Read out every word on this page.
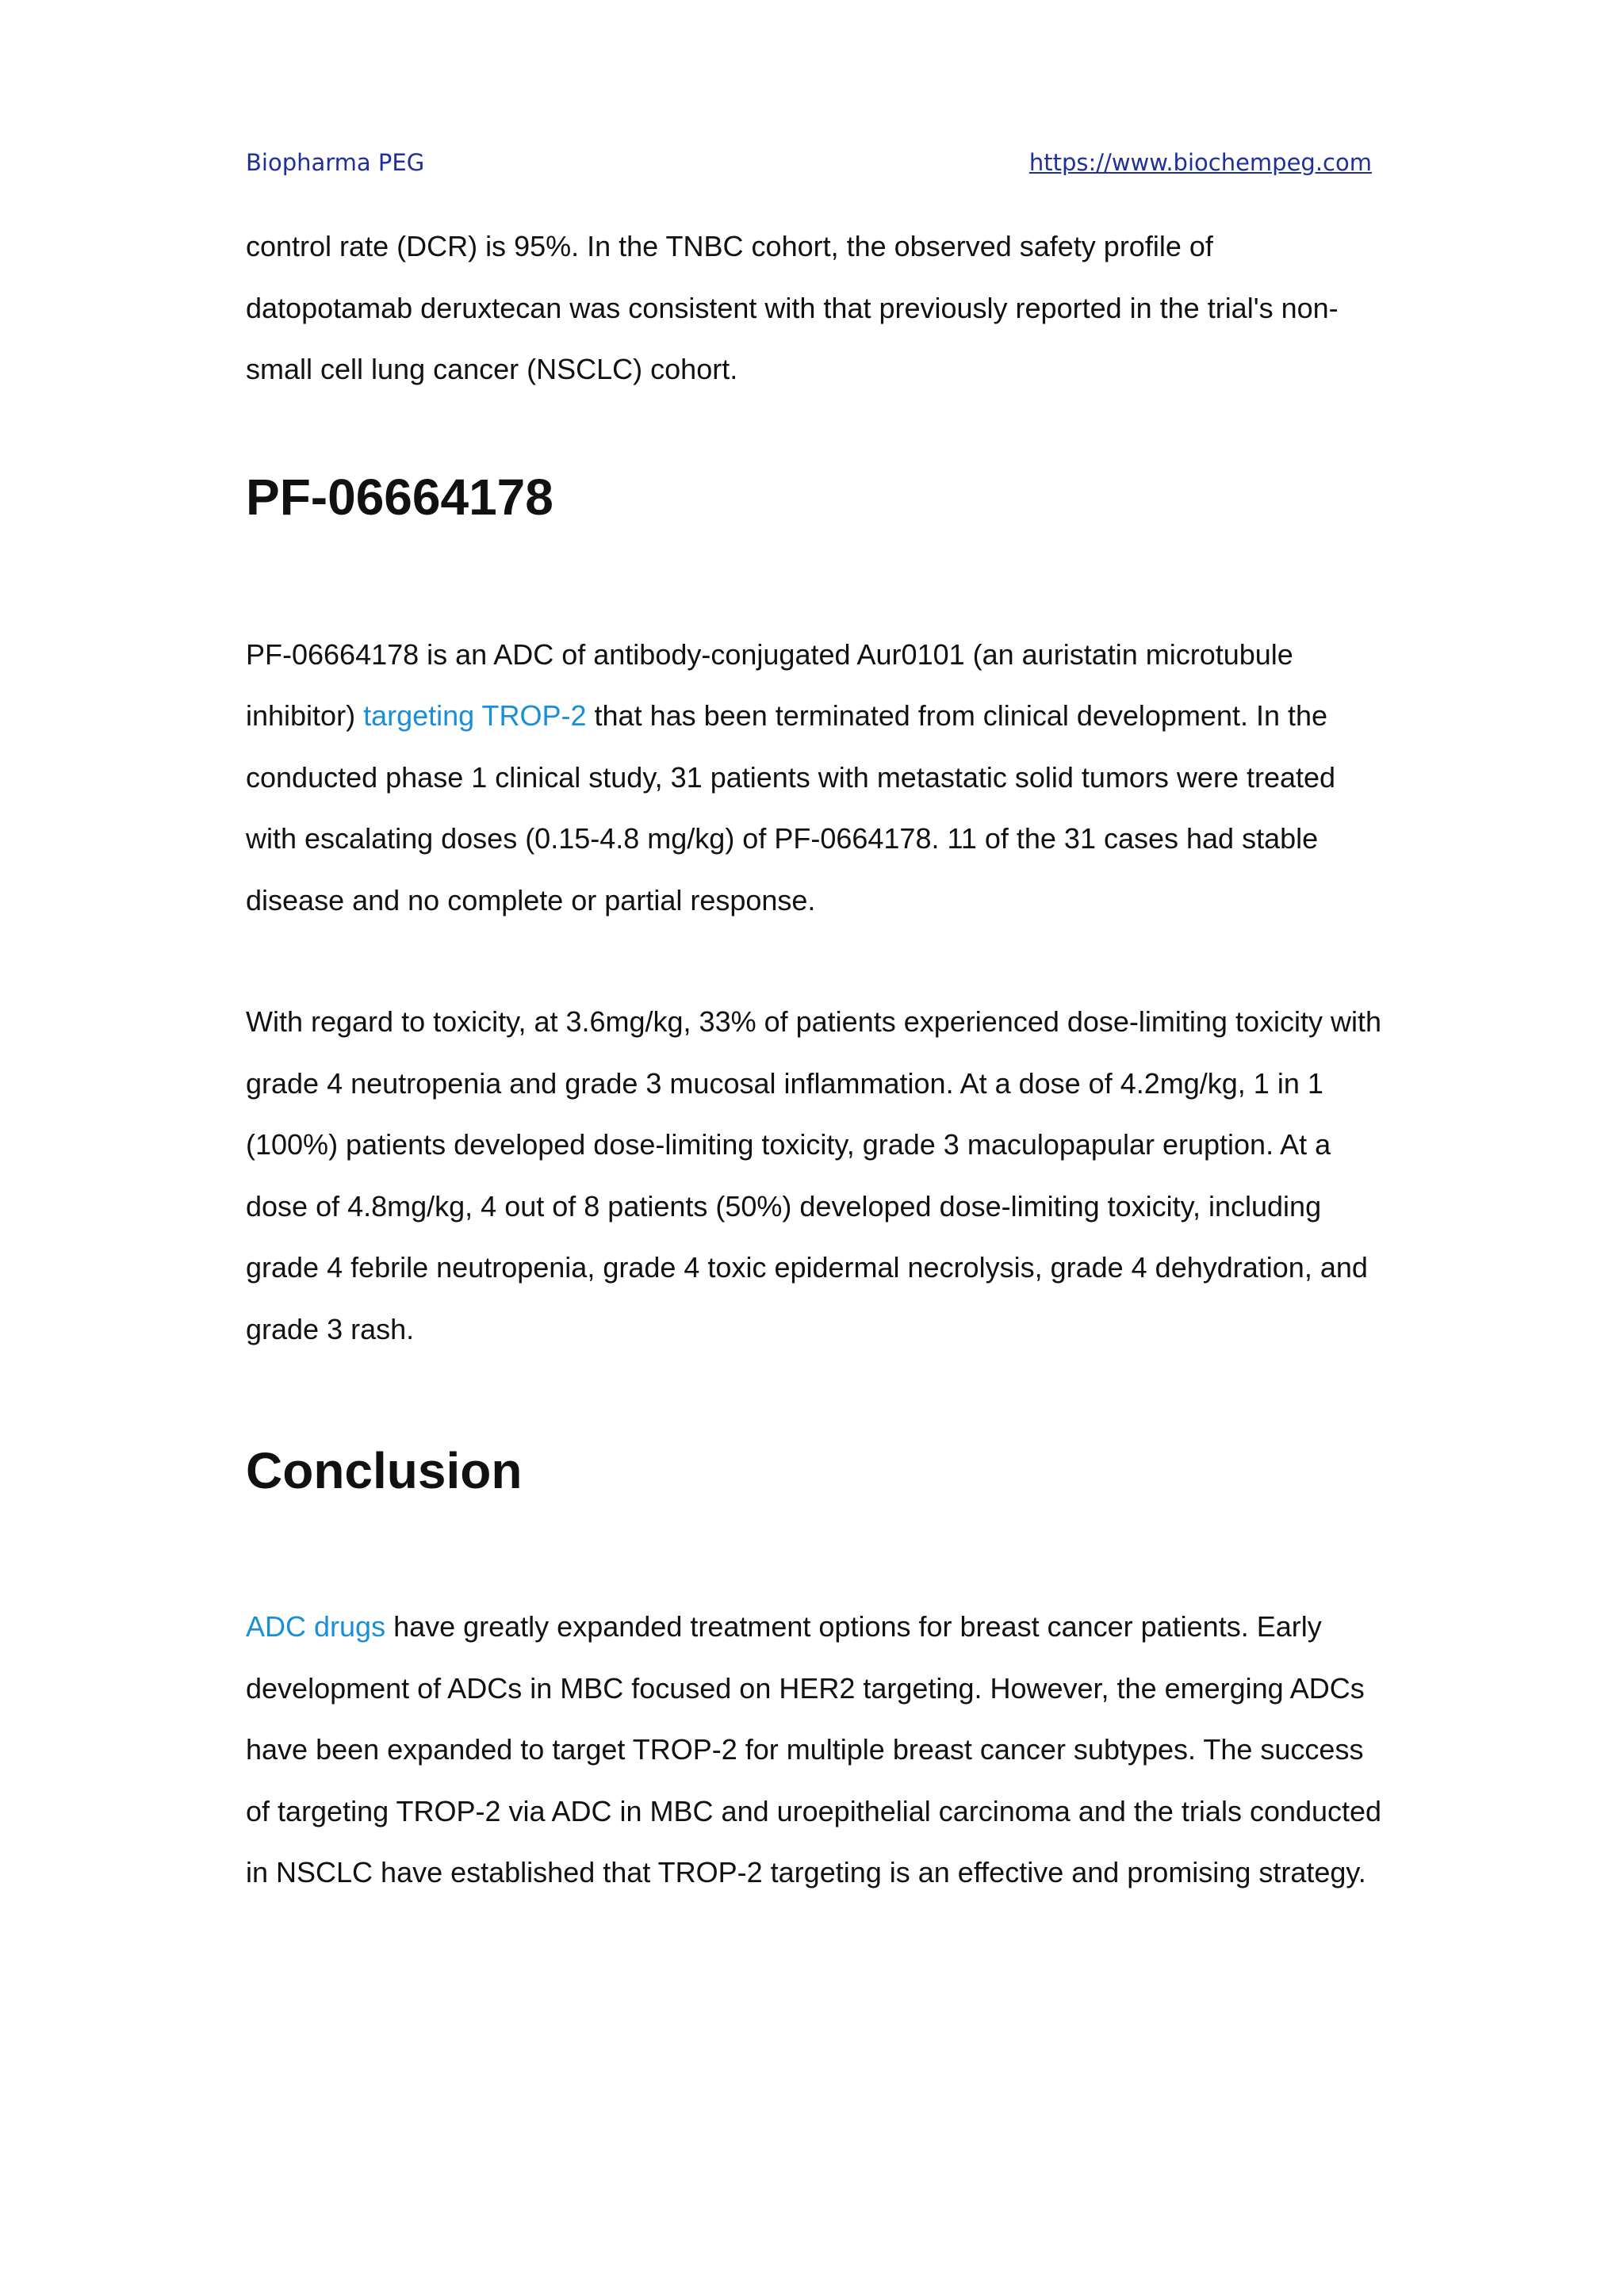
Biopharma PEG	https://www.biochempeg.com

control rate (DCR) is 95%. In the TNBC cohort, the observed safety profile of datopotamab deruxtecan was consistent with that previously reported in the trial's non-small cell lung cancer (NSCLC) cohort.

PF-06664178

PF-06664178 is an ADC of antibody-conjugated Aur0101 (an auristatin microtubule inhibitor) targeting TROP-2 that has been terminated from clinical development. In the conducted phase 1 clinical study, 31 patients with metastatic solid tumors were treated with escalating doses (0.15-4.8 mg/kg) of PF-0664178. 11 of the 31 cases had stable disease and no complete or partial response.

With regard to toxicity, at 3.6mg/kg, 33% of patients experienced dose-limiting toxicity with grade 4 neutropenia and grade 3 mucosal inflammation. At a dose of 4.2mg/kg, 1 in 1 (100%) patients developed dose-limiting toxicity, grade 3 maculopapular eruption. At a dose of 4.8mg/kg, 4 out of 8 patients (50%) developed dose-limiting toxicity, including grade 4 febrile neutropenia, grade 4 toxic epidermal necrolysis, grade 4 dehydration, and grade 3 rash.

Conclusion

ADC drugs have greatly expanded treatment options for breast cancer patients. Early development of ADCs in MBC focused on HER2 targeting. However, the emerging ADCs have been expanded to target TROP-2 for multiple breast cancer subtypes. The success of targeting TROP-2 via ADC in MBC and uroepithelial carcinoma and the trials conducted in NSCLC have established that TROP-2 targeting is an effective and promising strategy.
